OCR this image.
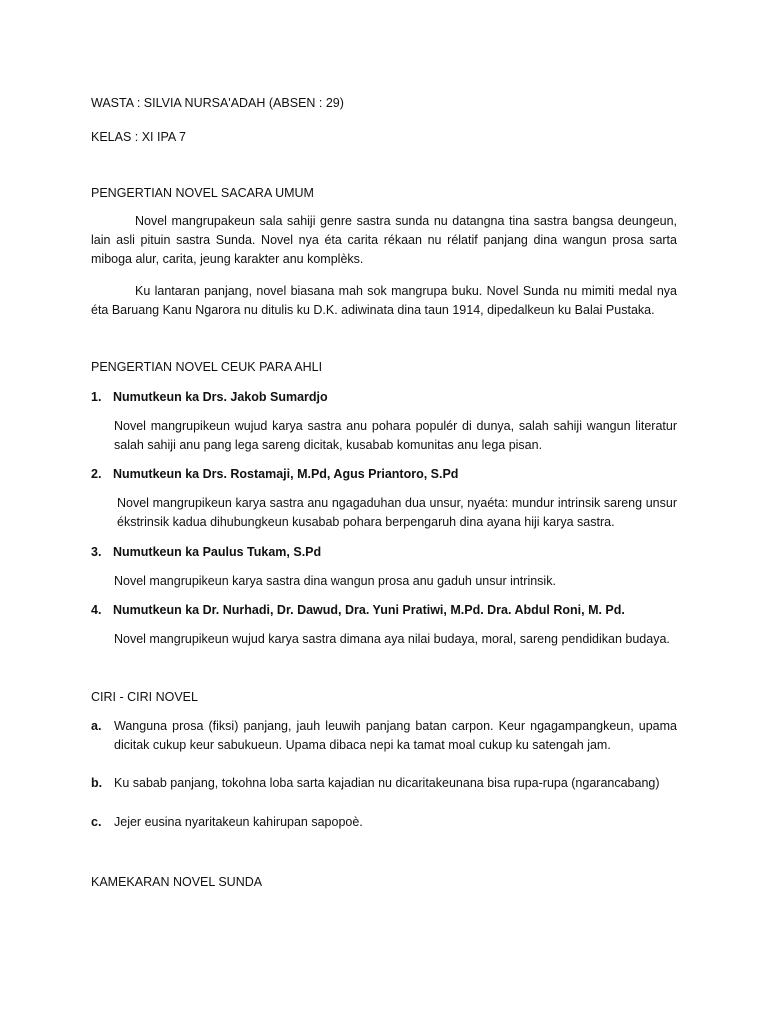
WASTA : SILVIA NURSA'ADAH (ABSEN : 29)
KELAS : XI IPA 7
PENGERTIAN NOVEL SACARA UMUM
Novel mangrupakeun sala sahiji genre sastra sunda nu datangna tina sastra bangsa deungeun, lain asli pituin sastra Sunda. Novel nya éta carita rékaan nu rélatif panjang dina wangun prosa sarta miboga alur, carita, jeung karakter anu komplèks.
Ku lantaran panjang, novel biasana mah sok mangrupa buku. Novel Sunda nu mimiti medal nya éta Baruang Kanu Ngarora nu ditulis ku D.K. adiwinata dina taun 1914, dipedalkeun ku Balai Pustaka.
PENGERTIAN NOVEL CEUK PARA AHLI
1. Numutkeun ka Drs. Jakob Sumardjo
Novel mangrupikeun wujud karya sastra anu pohara populér di dunya, salah sahiji wangun literatur salah sahiji anu pang lega sareng dicitak, kusabab komunitas anu lega pisan.
2. Numutkeun ka Drs. Rostamaji, M.Pd, Agus Priantoro, S.Pd
Novel mangrupikeun karya sastra anu ngagaduhan dua unsur, nyaéta: mundur intrinsik sareng unsur ékstrinsik kadua dihubungkeun kusabab pohara berpengaruh dina ayana hiji karya sastra.
3. Numutkeun ka Paulus Tukam, S.Pd
Novel mangrupikeun karya sastra dina wangun prosa anu gaduh unsur intrinsik.
4. Numutkeun ka Dr. Nurhadi, Dr. Dawud, Dra. Yuni Pratiwi, M.Pd. Dra. Abdul Roni, M. Pd.
Novel mangrupikeun wujud karya sastra dimana aya nilai budaya, moral, sareng pendidikan budaya.
CIRI - CIRI NOVEL
a.	Wanguna prosa (fiksi) panjang, jauh leuwih panjang batan carpon. Keur ngagampangkeun, upama dicitak cukup keur sabukueun. Upama dibaca nepi ka tamat moal cukup ku satengah jam.
b. Ku sabab panjang, tokohna loba sarta kajadian nu dicaritakeunana bisa rupa-rupa (ngarancabang)
c.	Jejer eusina nyaritakeun kahirupan sapopoè.
KAMEKARAN NOVEL SUNDA
